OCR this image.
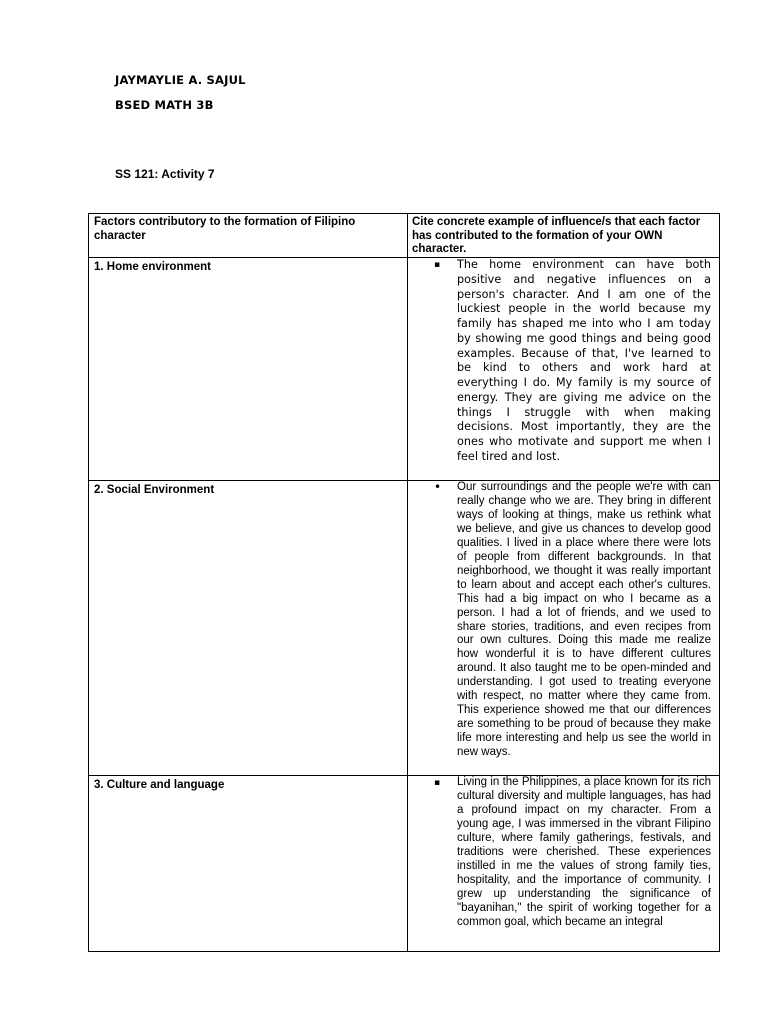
JAYMAYLIE A. SAJUL

BSED MATH 3B

SS 121: Activity 7

Factors contributory to the formation of Filipino character	Cite concrete example of influence/s that each factor has contributed to the formation of your OWN character.

1. Home environment	▪ The home environment can have both positive and negative influences on a person's character. And I am one of the luckiest people in the world because my family has shaped me into who I am today by showing me good things and being good examples. Because of that, I've learned to be kind to others and work hard at everything I do. My family is my source of energy. They are giving me advice on the things I struggle with when making decisions. Most importantly, they are the ones who motivate and support me when I feel tired and lost.

2. Social Environment	• Our surroundings and the people we're with can really change who we are. They bring in different ways of looking at things, make us rethink what we believe, and give us chances to develop good qualities. I lived in a place where there were lots of people from different backgrounds. In that neighborhood, we thought it was really important to learn about and accept each other's cultures. This had a big impact on who I became as a person. I had a lot of friends, and we used to share stories, traditions, and even recipes from our own cultures. Doing this made me realize how wonderful it is to have different cultures around. It also taught me to be open-minded and understanding. I got used to treating everyone with respect, no matter where they came from. This experience showed me that our differences are something to be proud of because they make life more interesting and help us see the world in new ways.

3. Culture and language	▪ Living in the Philippines, a place known for its rich cultural diversity and multiple languages, has had a profound impact on my character. From a young age, I was immersed in the vibrant Filipino culture, where family gatherings, festivals, and traditions were cherished. These experiences instilled in me the values of strong family ties, hospitality, and the importance of community. I grew up understanding the significance of "bayanihan," the spirit of working together for a common goal, which became an integral
